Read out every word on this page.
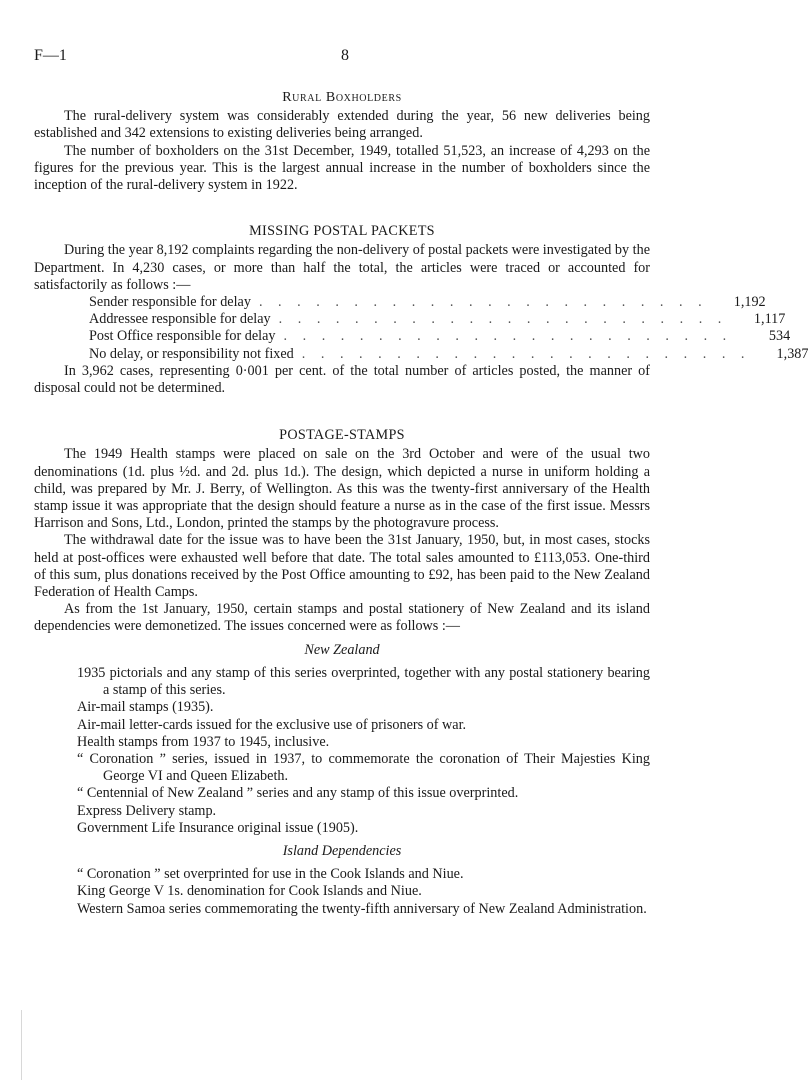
F—1	8
Rural Boxholders

The rural-delivery system was considerably extended during the year, 56 new deliveries being established and 342 extensions to existing deliveries being arranged.

The number of boxholders on the 31st December, 1949, totalled 51,523, an increase of 4,293 on the figures for the previous year. This is the largest annual increase in the number of boxholders since the inception of the rural-delivery system in 1922.

MISSING POSTAL PACKETS

During the year 8,192 complaints regarding the non-delivery of postal packets were investigated by the Department. In 4,230 cases, or more than half the total, the articles were traced or accounted for satisfactorily as follows :—

Sender responsible for delay . . . . . . . . . . . . . . . . . . . . . . . .	1,192
Addressee responsible for delay . . . . . . . . . . . . . . . . . . . . . . . .	1,117
Post Office responsible for delay . . . . . . . . . . . . . . . . . . . . . . . .	534
No delay, or responsibility not fixed . . . . . . . . . . . . . . . . . . . . . . . .	1,387

In 3,962 cases, representing 0·001 per cent. of the total number of articles posted, the manner of disposal could not be determined.

POSTAGE-STAMPS

The 1949 Health stamps were placed on sale on the 3rd October and were of the usual two denominations (1d. plus ½d. and 2d. plus 1d.). The design, which depicted a nurse in uniform holding a child, was prepared by Mr. J. Berry, of Wellington. As this was the twenty-first anniversary of the Health stamp issue it was appropriate that the design should feature a nurse as in the case of the first issue. Messrs Harrison and Sons, Ltd., London, printed the stamps by the photogravure process.

The withdrawal date for the issue was to have been the 31st January, 1950, but, in most cases, stocks held at post-offices were exhausted well before that date. The total sales amounted to £113,053. One-third of this sum, plus donations received by the Post Office amounting to £92, has been paid to the New Zealand Federation of Health Camps.

As from the 1st January, 1950, certain stamps and postal stationery of New Zealand and its island dependencies were demonetized. The issues concerned were as follows :—

New Zealand
1935 pictorials and any stamp of this series overprinted, together with any postal stationery bearing a stamp of this series.
Air-mail stamps (1935).
Air-mail letter-cards issued for the exclusive use of prisoners of war.
Health stamps from 1937 to 1945, inclusive.
“ Coronation ” series, issued in 1937, to commemorate the coronation of Their Majesties King George VI and Queen Elizabeth.
“ Centennial of New Zealand ” series and any stamp of this issue overprinted.
Express Delivery stamp.
Government Life Insurance original issue (1905).
Island Dependencies
“ Coronation ” set overprinted for use in the Cook Islands and Niue.
King George V 1s. denomination for Cook Islands and Niue.
Western Samoa series commemorating the twenty-fifth anniversary of New Zealand Administration.
